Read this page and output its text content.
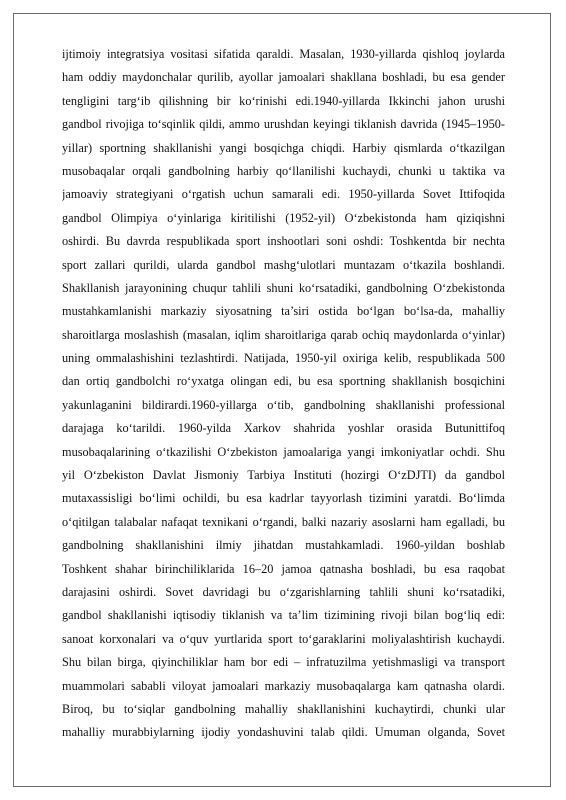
ijtimoiy integratsiya vositasi sifatida qaraldi. Masalan, 1930-yillarda qishloq joylarda
ham oddiy maydonchalar qurilib, ayollar jamoalari shakllana boshladi, bu esa gender
tengligini targ‘ib qilishning bir ko‘rinishi edi.1940-yillarda Ikkinchi jahon urushi
gandbol rivojiga to‘sqinlik qildi, ammo urushdan keyingi tiklanish davrida (1945–1950-
yillar) sportning shakllanishi yangi bosqichga chiqdi. Harbiy qismlarda o‘tkazilgan
musobaqalar orqali gandbolning harbiy qo‘llanilishi kuchaydi, chunki u taktika va
jamoaviy strategiyani o‘rgatish uchun samarali edi. 1950-yillarda Sovet Ittifoqida
gandbol Olimpiya o‘yinlariga kiritilishi (1952-yil) O‘zbekistonda ham qiziqishni
oshirdi. Bu davrda respublikada sport inshootlari soni oshdi: Toshkentda bir nechta
sport zallari qurildi, ularda gandbol mashg‘ulotlari muntazam o‘tkazila boshlandi.
Shakllanish jarayonining chuqur tahlili shuni ko‘rsatadiki, gandbolning O‘zbekistonda
mustahkamlanishi markaziy siyosatning ta’siri ostida bo‘lgan bo‘lsa-da, mahalliy
sharoitlarga moslashish (masalan, iqlim sharoitlariga qarab ochiq maydonlarda o‘yinlar)
uning ommalashishini tezlashtirdi. Natijada, 1950-yil oxiriga kelib, respublikada 500
dan ortiq gandbolchi ro‘yxatga olingan edi, bu esa sportning shakllanish bosqichini
yakunlaganini bildirardi.1960-yillarga o‘tib, gandbolning shakllanishi professional
darajaga ko‘tarildi. 1960-yilda Xarkov shahrida yoshlar orasida Butunittifoq
musobaqalarining o‘tkazilishi O‘zbekiston jamoalariga yangi imkoniyatlar ochdi. Shu
yil O‘zbekiston Davlat Jismoniy Tarbiya Instituti (hozirgi O‘zDJTI) da gandbol
mutaxassisligi bo‘limi ochildi, bu esa kadrlar tayyorlash tizimini yaratdi. Bo‘limda
o‘qitilgan talabalar nafaqat texnikani o‘rgandi, balki nazariy asoslarni ham egalladi, bu
gandbolning shakllanishini ilmiy jihatdan mustahkamladi. 1960-yildan boshlab
Toshkent shahar birinchiliklarida 16–20 jamoa qatnasha boshladi, bu esa raqobat
darajasini oshirdi. Sovet davridagi bu o‘zgarishlarning tahlili shuni ko‘rsatadiki,
gandbol shakllanishi iqtisodiy tiklanish va ta’lim tizimining rivoji bilan bog‘liq edi:
sanoat korxonalari va o‘quv yurtlarida sport to‘garaklarini moliyalashtirish kuchaydi.
Shu bilan birga, qiyinchiliklar ham bor edi – infratuzilma yetishmasligi va transport
muammolari sababli viloyat jamoalari markaziy musobaqalarga kam qatnasha olardi.
Biroq, bu to‘siqlar gandbolning mahalliy shakllanishini kuchaytirdi, chunki ular
mahalliy murabbiylarning ijodiy yondashuvini talab qildi. Umuman olganda, Sovet
